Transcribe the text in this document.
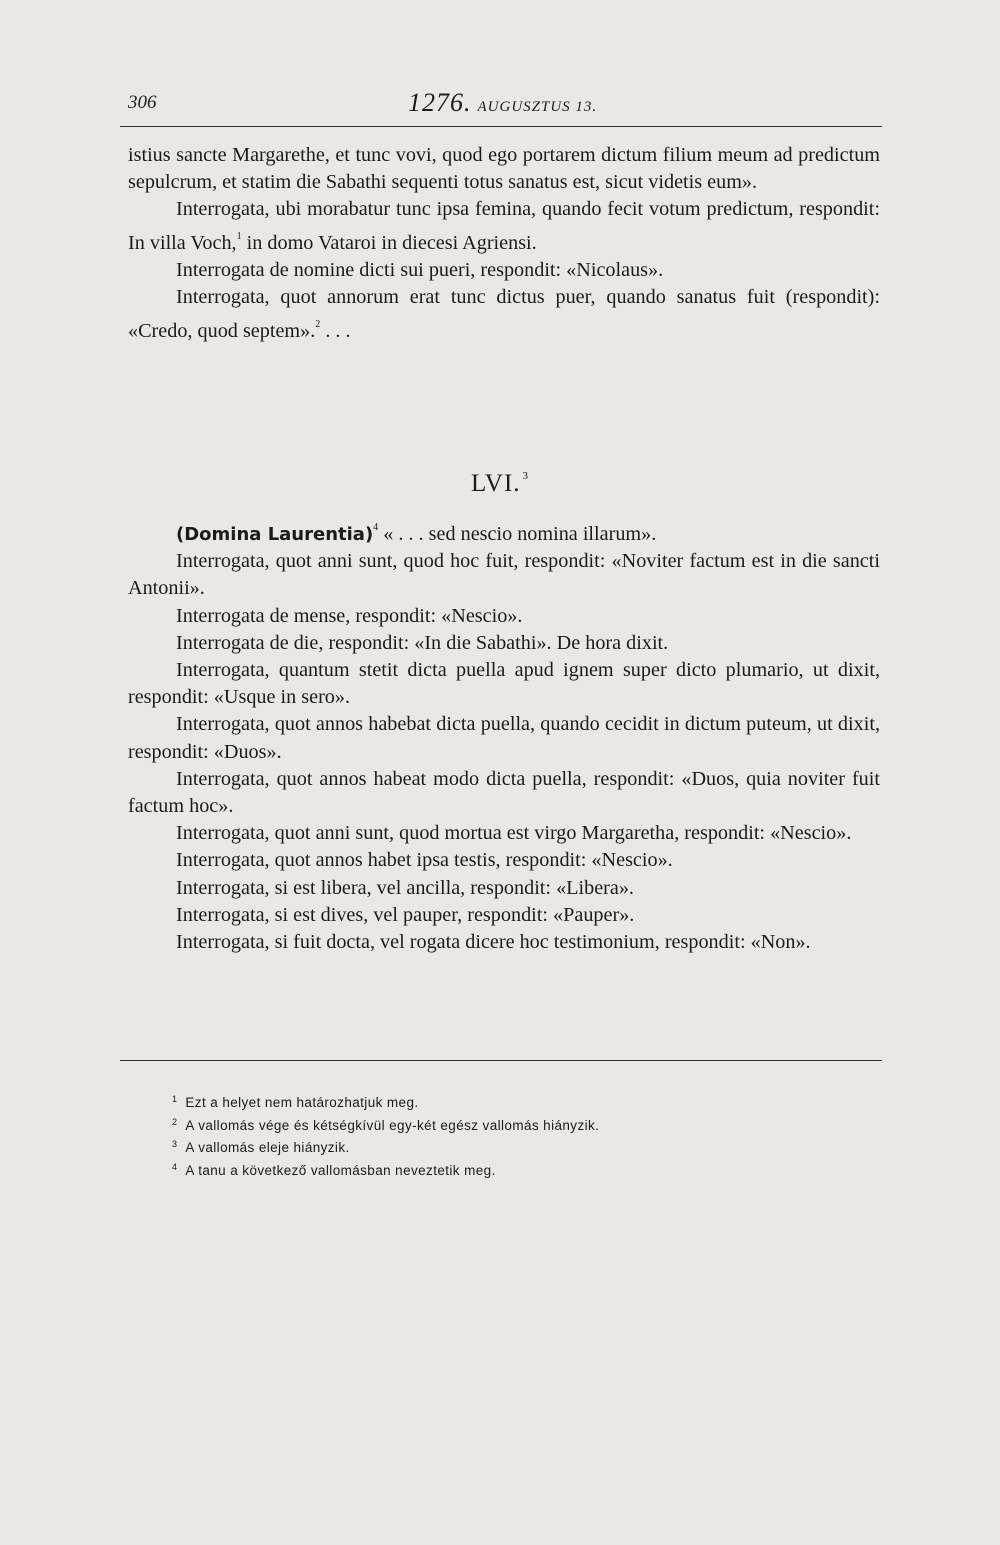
306	1276. AUGUSZTUS 13.

istius sancte Margarethe, et tunc vovi, quod ego portarem dictum filium meum ad predictum sepulcrum, et statim die Sabathi sequenti totus sanatus est, sicut videtis eum».

Interrogata, ubi morabatur tunc ipsa femina, quando fecit votum predictum, respondit: In villa Voch,$^1$ in domo Vataroi in diecesi Agriensi.

Interrogata de nomine dicti sui pueri, respondit: «Nicolaus».

Interrogata, quot annorum erat tunc dictus puer, quando sanatus fuit (respondit): «Credo, quod septem».$^2$ . . .

LVI. $^3$

(Domina Laurentia)$^4$ « . . . sed nescio nomina illarum».

Interrogata, quot anni sunt, quod hoc fuit, respondit: «Noviter factum est in die sancti Antonii».

Interrogata de mense, respondit: «Nescio».

Interrogata de die, respondit: «In die Sabathi». De hora dixit.

Interrogata, quantum stetit dicta puella apud ignem super dicto plumario, ut dixit, respondit: «Usque in sero».

Interrogata, quot annos habebat dicta puella, quando cecidit in dictum puteum, ut dixit, respondit: «Duos».

Interrogata, quot annos habeat modo dicta puella, respondit: «Duos, quia noviter fuit factum hoc».

Interrogata, quot anni sunt, quod mortua est virgo Margaretha, respondit: «Nescio».

Interrogata, quot annos habet ipsa testis, respondit: «Nescio».

Interrogata, si est libera, vel ancilla, respondit: «Libera».

Interrogata, si est dives, vel pauper, respondit: «Pauper».

Interrogata, si fuit docta, vel rogata dicere hoc testimonium, respondit: «Non».

$^1$ Ezt a helyet nem határozhatjuk meg.
$^2$ A vallomás vége és kétségkívül egy-két egész vallomás hiányzik.
$^3$ A vallomás eleje hiányzik.
$^4$ A tanu a következő vallomásban neveztetik meg.
